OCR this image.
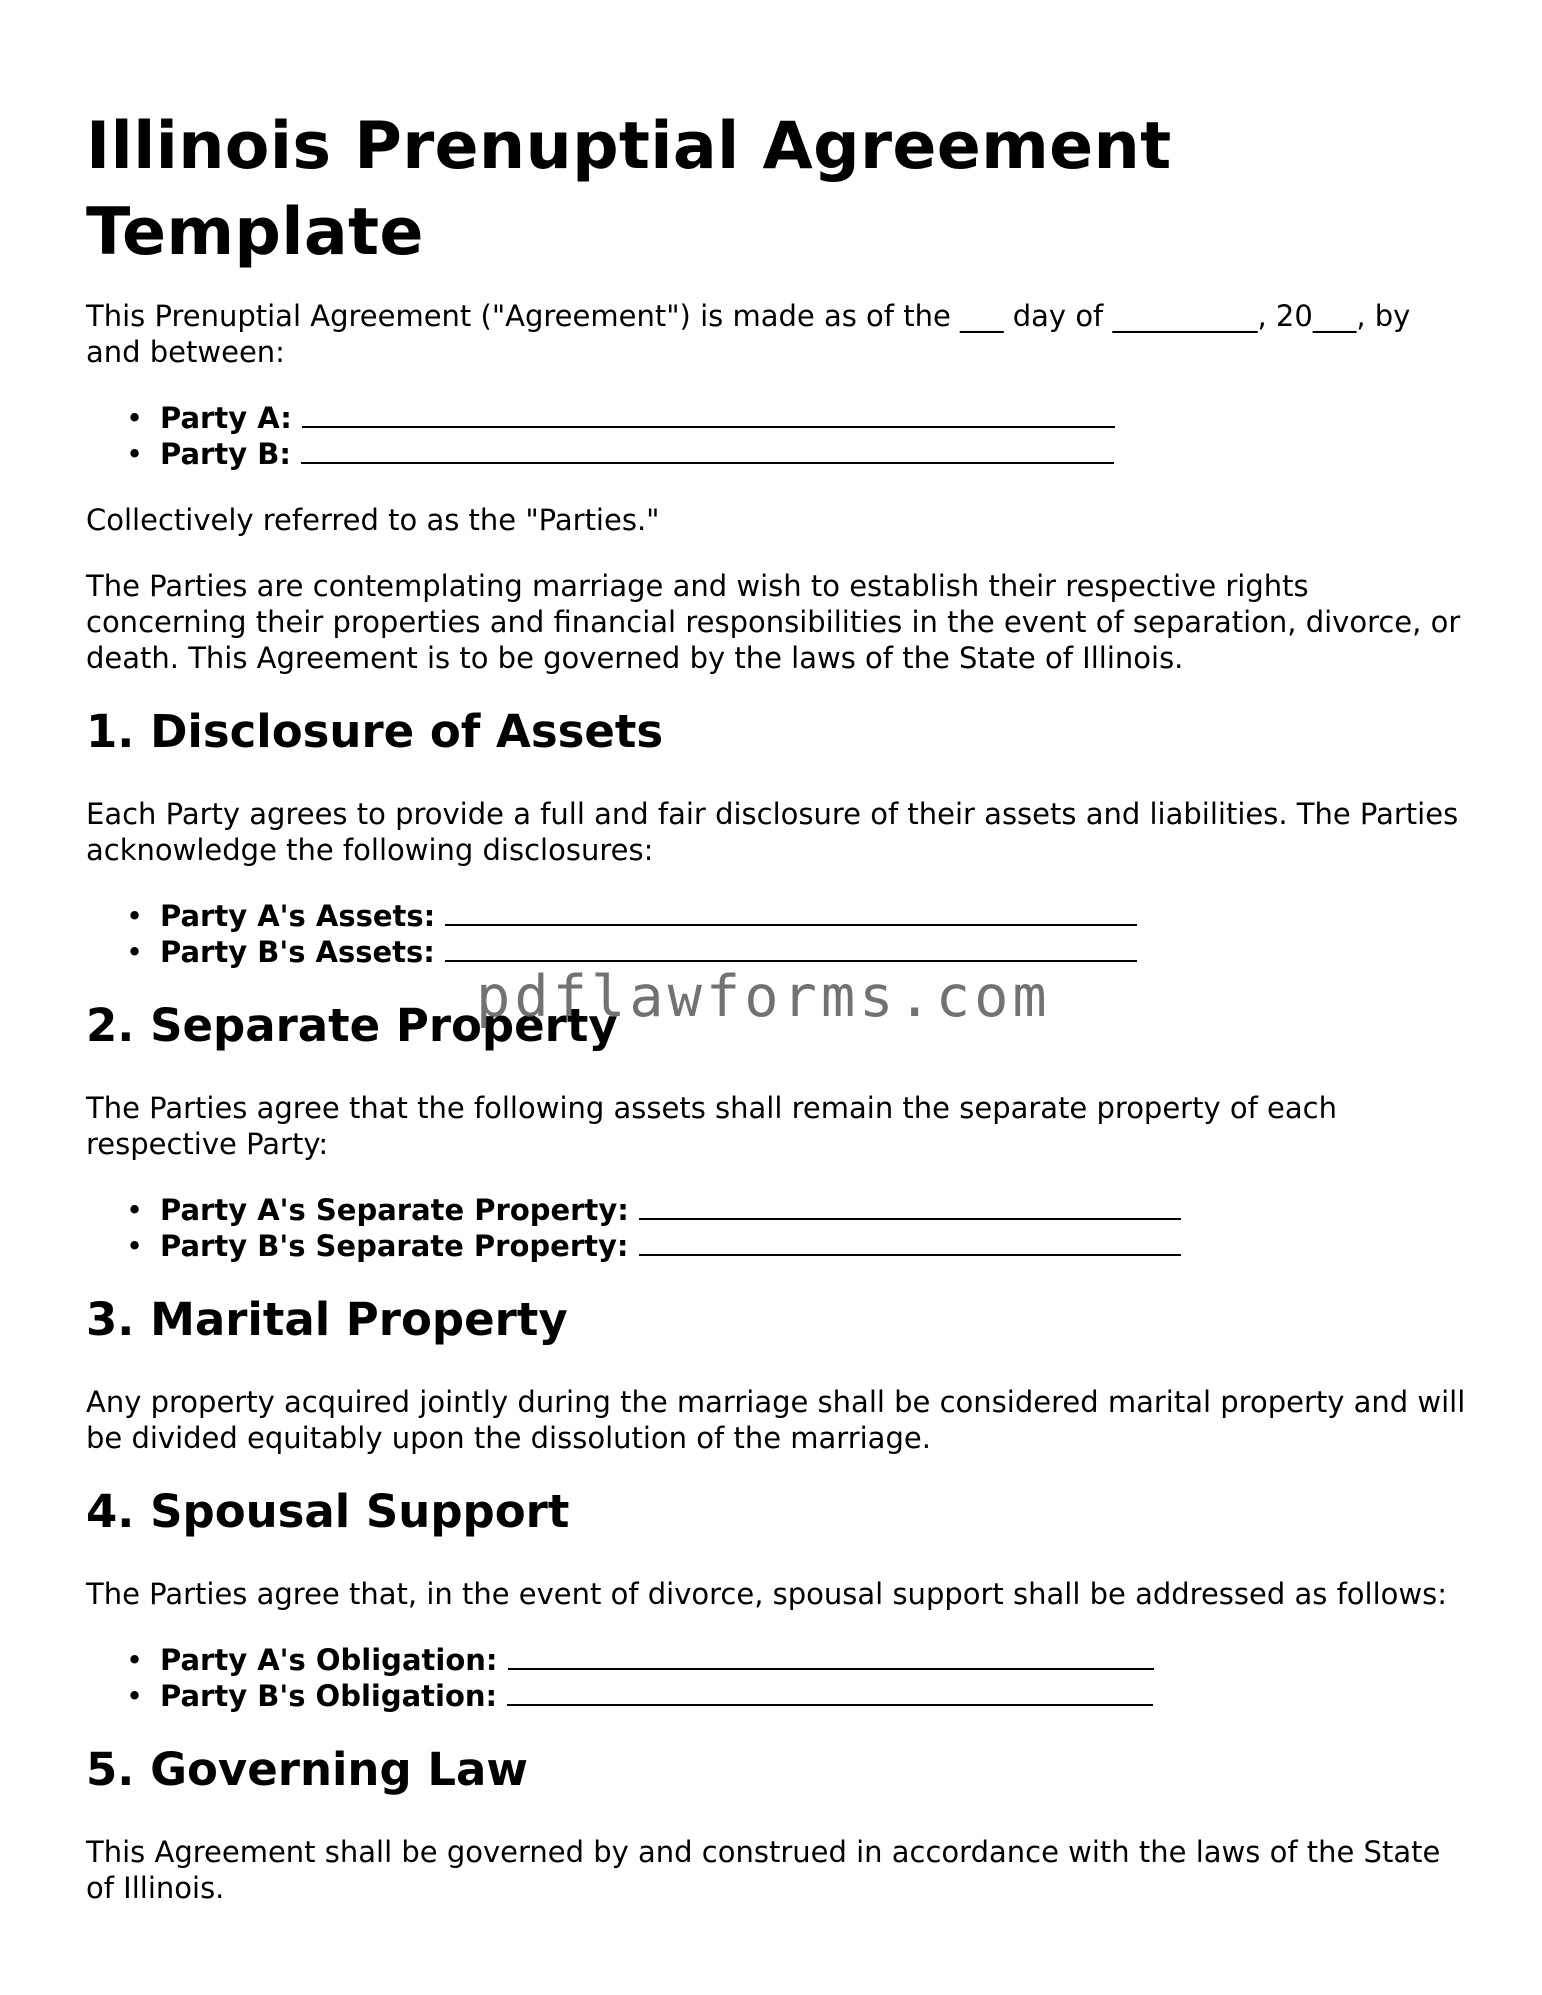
Illinois Prenuptial Agreement Template

This Prenuptial Agreement ("Agreement") is made as of the ___ day of __________, 20___, by and between:

• Party A:
• Party B:

Collectively referred to as the "Parties."

The Parties are contemplating marriage and wish to establish their respective rights concerning their properties and financial responsibilities in the event of separation, divorce, or death. This Agreement is to be governed by the laws of the State of Illinois.

1. Disclosure of Assets

Each Party agrees to provide a full and fair disclosure of their assets and liabilities. The Parties acknowledge the following disclosures:

• Party A's Assets:
• Party B's Assets:
2. Separate Property

The Parties agree that the following assets shall remain the separate property of each respective Party:

• Party A's Separate Property:
• Party B's Separate Property:
3. Marital Property

Any property acquired jointly during the marriage shall be considered marital property and will be divided equitably upon the dissolution of the marriage.

4. Spousal Support

The Parties agree that, in the event of divorce, spousal support shall be addressed as follows:

• Party A's Obligation:
• Party B's Obligation:
5. Governing Law

This Agreement shall be governed by and construed in accordance with the laws of the State of Illinois.

pdflawforms.com
